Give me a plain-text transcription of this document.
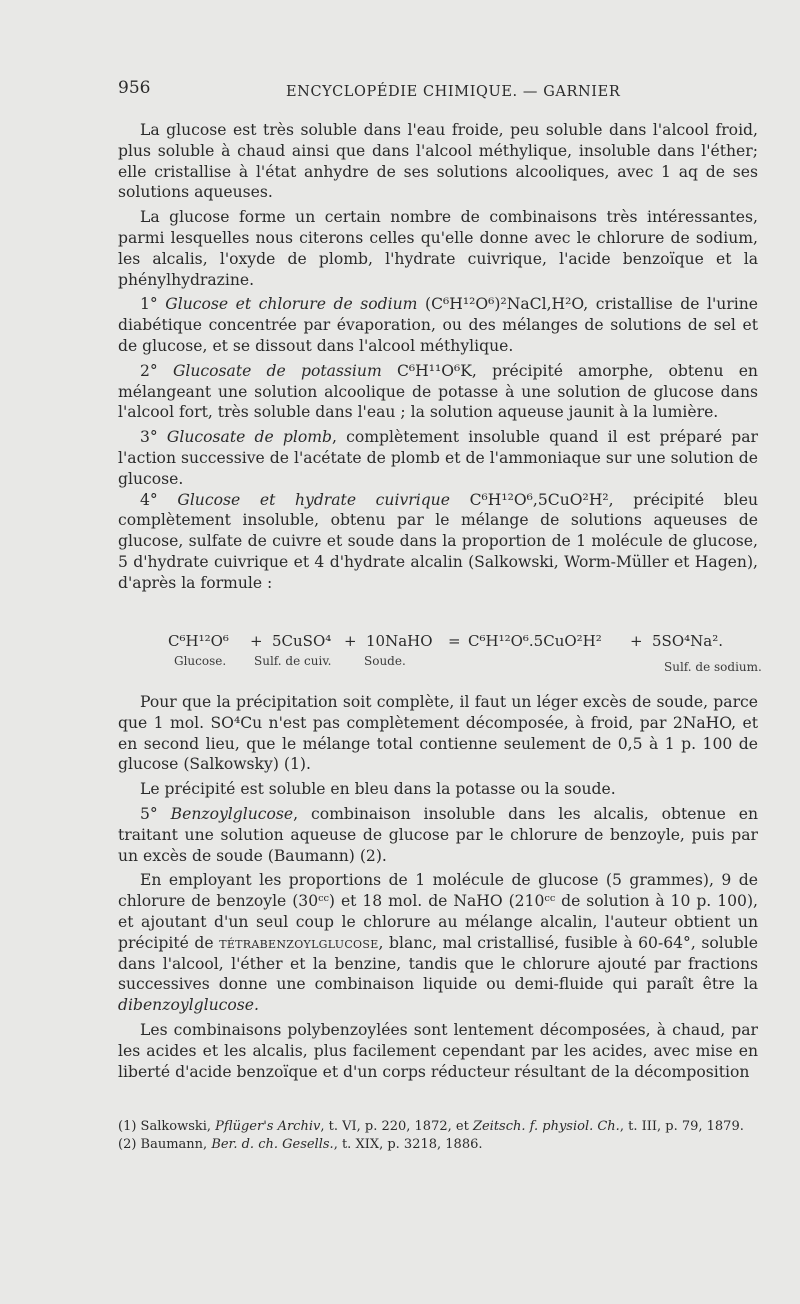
956	ENCYCLOPÉDIE CHIMIQUE. — GARNIER

La glucose est très soluble dans l'eau froide, peu soluble dans l'alcool froid, plus soluble à chaud ainsi que dans l'alcool méthylique, insoluble dans l'éther; elle cristallise à l'état anhydre de ses solutions alcooliques, avec 1 aq de ses solutions aqueuses.

La glucose forme un certain nombre de combinaisons très intéressantes, parmi lesquelles nous citerons celles qu'elle donne avec le chlorure de sodium, les alcalis, l'oxyde de plomb, l'hydrate cuivrique, l'acide benzoïque et la phénylhydrazine.

1° Glucose et chlorure de sodium (C⁶H¹²O⁶)²NaCl,H²O, cristallise de l'urine diabétique concentrée par évaporation, ou des mélanges de solutions de sel et de glucose, et se dissout dans l'alcool méthylique.

2° Glucosate de potassium C⁶H¹¹O⁶K, précipité amorphe, obtenu en mélangeant une solution alcoolique de potasse à une solution de glucose dans l'alcool fort, très soluble dans l'eau ; la solution aqueuse jaunit à la lumière.

3° Glucosate de plomb, complètement insoluble quand il est préparé par l'action successive de l'acétate de plomb et de l'ammoniaque sur une solution de glucose.

4° Glucose et hydrate cuivrique C⁶H¹²O⁶,5CuO²H², précipité bleu complètement insoluble, obtenu par le mélange de solutions aqueuses de glucose, sulfate de cuivre et soude dans la proportion de 1 molécule de glucose, 5 d'hydrate cuivrique et 4 d'hydrate alcalin (Salkowski, Worm-Müller et Hagen), d'après la formule :

C⁶H¹²O⁶ + 5CuSO⁴ + 10NaHO = C⁶H¹²O⁶.5CuO²H² + 5SO⁴Na².
Glucose. Sulf. de cuiv.	Soude.	Sulf. de sodium.

Pour que la précipitation soit complète, il faut un léger excès de soude, parce que 1 mol. SO⁴Cu n'est pas complètement décomposée, à froid, par 2NaHO, et en second lieu, que le mélange total contienne seulement de 0,5 à 1 p. 100 de glucose (Salkowsky) (1).

Le précipité est soluble en bleu dans la potasse ou la soude.

5° Benzoylglucose, combinaison insoluble dans les alcalis, obtenue en traitant une solution aqueuse de glucose par le chlorure de benzoyle, puis par un excès de soude (Baumann) (2).

En employant les proportions de 1 molécule de glucose (5 grammes), 9 de chlorure de benzoyle (30ᶜᶜ) et 18 mol. de NaHO (210ᶜᶜ de solution à 10 p. 100), et ajoutant d'un seul coup le chlorure au mélange alcalin, l'auteur obtient un précipité de tétrabenzoylglucose, blanc, mal cristallisé, fusible à 60-64°, soluble dans l'alcool, l'éther et la benzine, tandis que le chlorure ajouté par fractions successives donne une combinaison liquide ou demi-fluide qui paraît être la dibenzoylglucose.

Les combinaisons polybenzoylées sont lentement décomposées, à chaud, par les acides et les alcalis, plus facilement cependant par les acides, avec mise en liberté d'acide benzoïque et d'un corps réducteur résultant de la décomposition

(1) Salkowski, Pflüger's Archiv, t. VI, p. 220, 1872, et Zeitsch. f. physiol. Ch., t. III, p. 79, 1879.

(2) Baumann, Ber. d. ch. Gesells., t. XIX, p. 3218, 1886.
